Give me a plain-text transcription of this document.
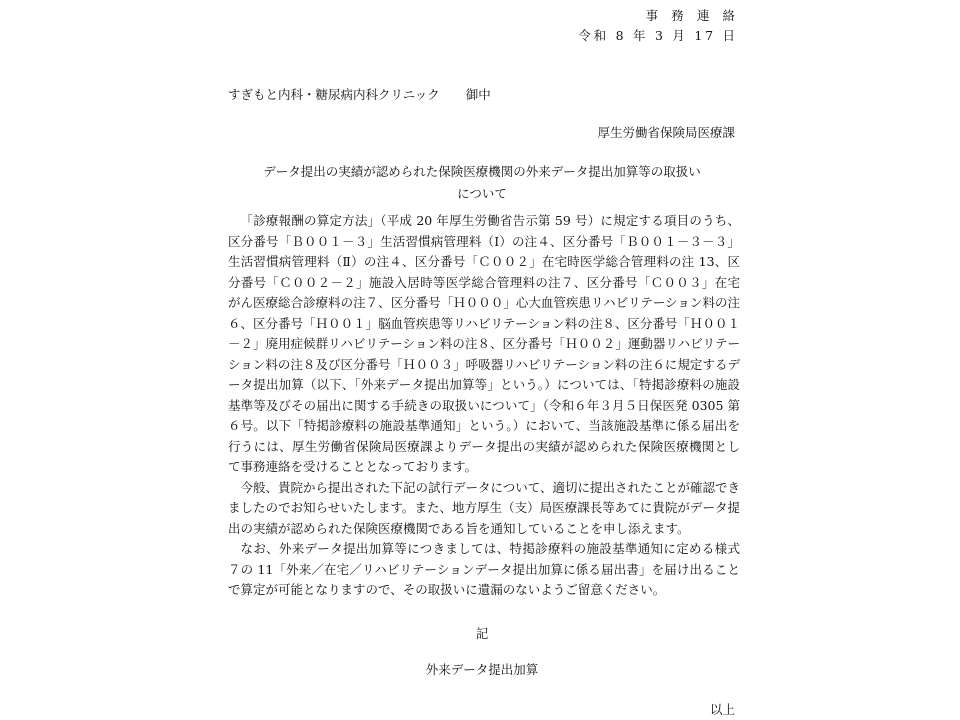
事務連絡
令和 8 年 3 月 17 日
すぎもと内科・糖尿病内科クリニック 御中
厚生労働省保険局医療課
データ提出の実績が認められた保険医療機関の外来データ提出加算等の取扱い
について

「診療報酬の算定方法」（平成 20 年厚生労働省告示第 59 号）に規定する項目のうち、区分番号「Ｂ００１－３」生活習慣病管理料（Ⅰ）の注４、区分番号「Ｂ００１－３－３」生活習慣病管理料（Ⅱ）の注４、区分番号「Ｃ００２」在宅時医学総合管理料の注 13、区分番号「Ｃ００２－２」施設入居時等医学総合管理料の注７、区分番号「Ｃ００３」在宅がん医療総合診療料の注７、区分番号「Ｈ０００」心大血管疾患リハビリテーション料の注６、区分番号「Ｈ００１」脳血管疾患等リハビリテーション料の注８、区分番号「Ｈ００１－２」廃用症候群リハビリテーション料の注８、区分番号「Ｈ００２」運動器リハビリテーション料の注８及び区分番号「Ｈ００３」呼吸器リハビリテーション料の注６に規定するデータ提出加算（以下、「外来データ提出加算等」という。）については、「特掲診療料の施設基準等及びその届出に関する手続きの取扱いについて」（令和６年３月５日保医発 0305 第６号。以下「特掲診療料の施設基準通知」という。）において、当該施設基準に係る届出を行うには、厚生労働省保険局医療課よりデータ提出の実績が認められた保険医療機関として事務連絡を受けることとなっております。

今般、貴院から提出された下記の試行データについて、適切に提出されたことが確認できましたのでお知らせいたします。また、地方厚生（支）局医療課長等あてに貴院がデータ提出の実績が認められた保険医療機関である旨を通知していることを申し添えます。

なお、外来データ提出加算等につきましては、特掲診療料の施設基準通知に定める様式７の 11「外来／在宅／リハビリテーションデータ提出加算に係る届出書」を届け出ることで算定が可能となりますので、その取扱いに遺漏のないようご留意ください。

記
外来データ提出加算
以上
